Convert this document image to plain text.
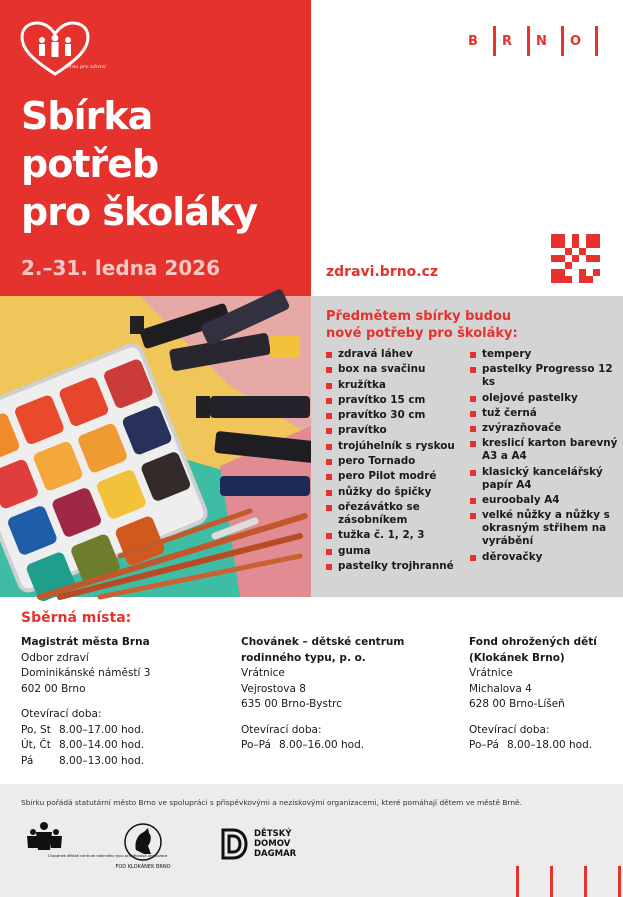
Brno pro zdraví
Sbírka
potřeb
pro školáky
2.–31. ledna 2026
B	R	N	O
zdravi.brno.cz
Předmětem sbírky budou
nové potřeby pro školáky:
zdravá láhev
box na svačinu
kružítka
pravítko 15 cm
pravítko 30 cm
pravítko
trojúhelník s ryskou
pero Tornado
pero Pilot modré
nůžky do špičky
ořezávátko se zásobníkem
tužka č. 1, 2, 3
guma
pastelky trojhranné
tempery
pastelky Progresso 12 ks
olejové pastelky
tuž černá
zvýrazňovače
kreslicí karton barevný A3 a A4
klasický kancelářský papír A4
euroobaly A4
velké nůžky a nůžky s okrasným střihem na vyrábění
děrovačky
Sběrná místa:
Magistrát města Brna
Odbor zdraví
Dominikánské náměstí 3
602 00 Brno
Otevírací doba:
Po, St 8.00–17.00 hod.
Út, Čt 8.00–14.00 hod.
Pá 8.00–13.00 hod.
Chovánek – dětské centrum rodinného typu, p. o.
Vrátnice
Vejrostova 8
635 00 Brno-Bystrc
Otevírací doba:
Po–Pá 8.00–16.00 hod.
Fond ohrožených dětí (Klokánek Brno)
Vrátnice
Michalova 4
628 00 Brno-Líšeň
Otevírací doba:
Po–Pá 8.00–18.00 hod.
Sbírku pořádá statutární město Brno ve spolupráci s příspěvkovými a neziskovými organizacemi, které pomáhají dětem ve městě Brně.
Chovánek dětské centrum rodinného typu příspěvková organizace
FOD KLOKÁNEK BRNO
DĚTSKÝ
DOMOV
DAGMAR
